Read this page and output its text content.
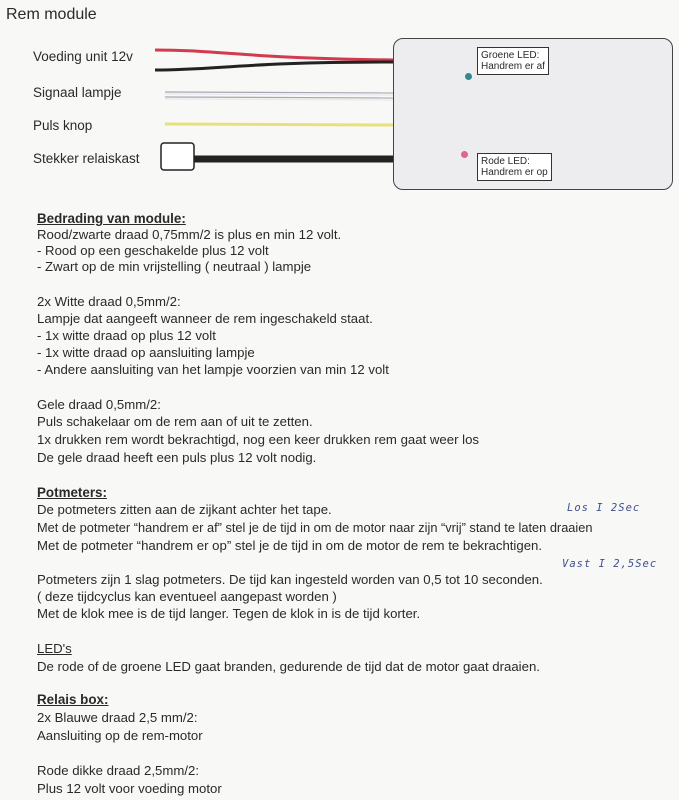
Rem module
Voeding unit 12v
Signaal lampje
Puls knop
Stekker relaiskast
Groene LED:
Handrem er af
Rode LED:
Handrem er op
Bedrading van module:
Rood/zwarte draad 0,75mm/2 is plus en min 12 volt.
- Rood op een geschakelde plus 12 volt
- Zwart op de min vrijstelling ( neutraal ) lampje
2x Witte draad 0,5mm/2:
Lampje dat aangeeft wanneer de rem ingeschakeld staat.
- 1x witte draad op plus 12 volt
- 1x witte draad op aansluiting lampje
- Andere aansluiting van het lampje voorzien van min 12 volt
Gele draad 0,5mm/2:
Puls schakelaar om de rem aan of uit te zetten.
1x drukken rem wordt bekrachtigd, nog een keer drukken rem gaat weer los
De gele draad heeft een puls plus 12 volt nodig.
Potmeters:
De potmeters zitten aan de zijkant achter het tape.	Los I 2Sec
Met de potmeter “handrem er af” stel je de tijd in om de motor naar zijn “vrij” stand te laten draaien
Met de potmeter “handrem er op” stel je de tijd in om de motor de rem te bekrachtigen.
Vast I 2,5Sec
Potmeters zijn 1 slag potmeters. De tijd kan ingesteld worden van 0,5 tot 10 seconden.
( deze tijdcyclus kan eventueel aangepast worden )
Met de klok mee is de tijd langer. Tegen de klok in is de tijd korter.
LED's
De rode of de groene LED gaat branden, gedurende de tijd dat de motor gaat draaien.
Relais box:
2x Blauwe draad 2,5 mm/2:
Aansluiting op de rem-motor
Rode dikke draad 2,5mm/2:
Plus 12 volt voor voeding motor
